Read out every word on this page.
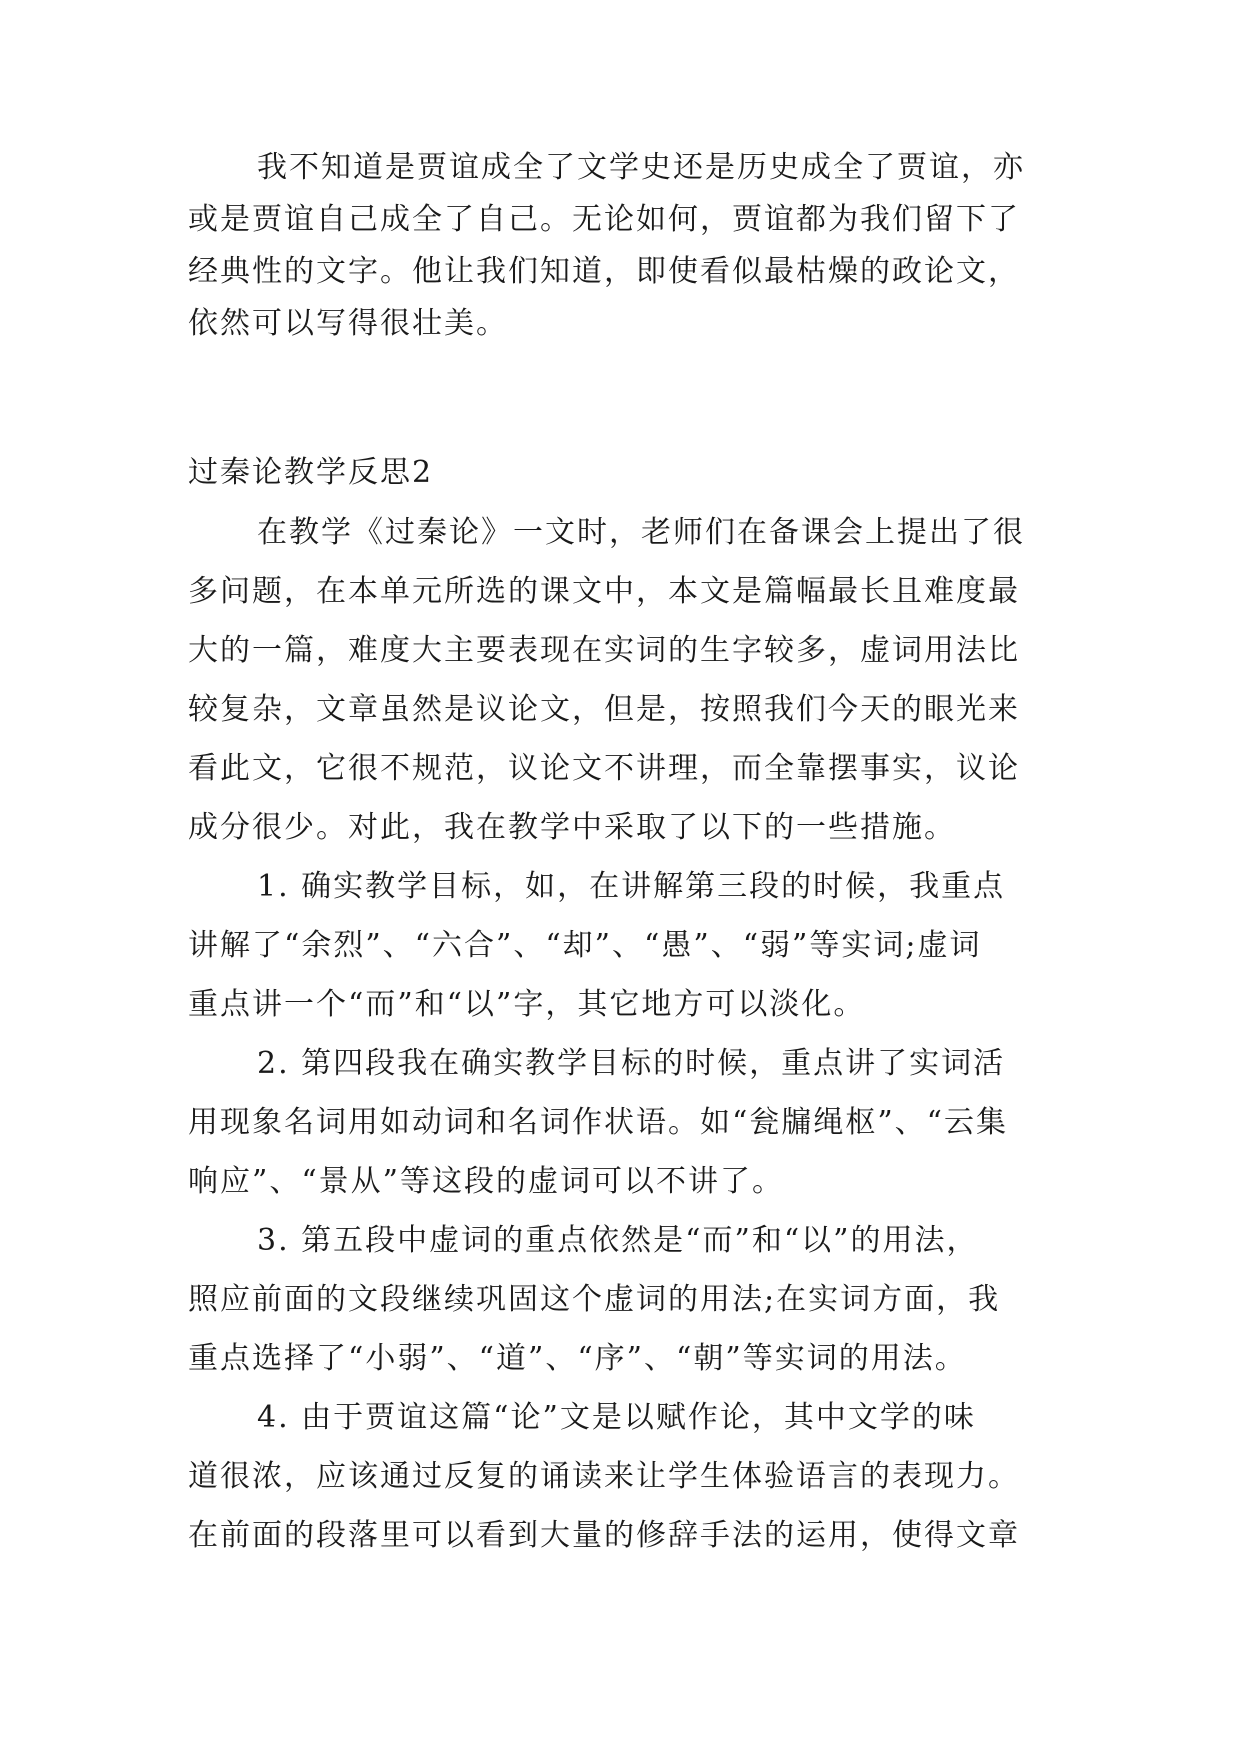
我不知道是贾谊成全了文学史还是历史成全了贾谊，亦
或是贾谊自己成全了自己。无论如何，贾谊都为我们留下了
经典性的文字。他让我们知道，即使看似最枯燥的政论文，
依然可以写得很壮美。
过秦论教学反思2
在教学《过秦论》一文时，老师们在备课会上提出了很
多问题，在本单元所选的课文中，本文是篇幅最长且难度最
大的一篇，难度大主要表现在实词的生字较多，虚词用法比
较复杂，文章虽然是议论文，但是，按照我们今天的眼光来
看此文，它很不规范，议论文不讲理，而全靠摆事实，议论
成分很少。对此，我在教学中采取了以下的一些措施。
1. 确实教学目标，如，在讲解第三段的时候，我重点
讲解了“余烈”、“六合”、“却”、“愚”、“弱”等实词;虚词
重点讲一个“而”和“以”字，其它地方可以淡化。
2. 第四段我在确实教学目标的时候，重点讲了实词活
用现象名词用如动词和名词作状语。如“瓮牖绳枢”、“云集
响应”、“景从”等这段的虚词可以不讲了。
3. 第五段中虚词的重点依然是“而”和“以”的用法，
照应前面的文段继续巩固这个虚词的用法;在实词方面，我
重点选择了“小弱”、“道”、“序”、“朝”等实词的用法。
4. 由于贾谊这篇“论”文是以赋作论，其中文学的味
道很浓，应该通过反复的诵读来让学生体验语言的表现力。
在前面的段落里可以看到大量的修辞手法的运用，使得文章
